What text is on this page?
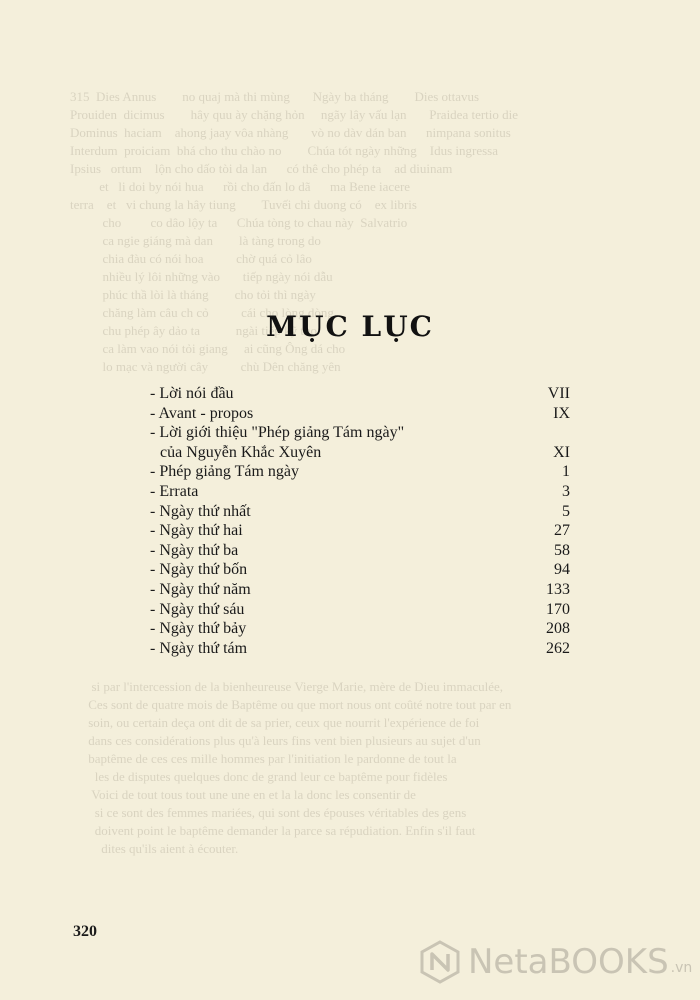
315  Dies Annus        no quaj mà thi mùng       Ngày ba tháng        Dies ottavus
Prouiden  dicimus        hây quu ày chặng hỏn     ngãy lây vấu lạn       Praidea tertio die
Dominus  haciam    ahong jaay vôa nhàng       vò no dàv dán ban      nimpana sonitus
Interdum  proiciam  bhá cho thu chào no        Chúa tót ngày những    Idus ingressa
Ipsius   ortum    lộn cho dấo tòi da lan      có thê cho phép ta    ad diuinam
et   li doi by nói hua      rồi cho đấn lo dã      ma Bene iacere
terra    et   vi chung la hây tiung        Tuvếi chi duong có    ex libris
cho         co dâo lộy ta      Chúa tòng to chau này  Salvatrio
ca ngie giáng mà dan        là tàng trong do
chia đàu có nói hoa          chờ quá cỏ lâo
nhiều lý lôi những vào       tiếp ngày nói dẫu
phúc thầ lòi là tháng        cho tỏi thì ngày
chăng làm câu ch cỏ          cái cho lòng dòng
chu phép ây dảo ta           ngài tiếp kỹ tho
ca làm vao nói tỏi giang     ai cũng Ông dá cho
lo mạc và người cây          chù Dên chăng yên

si par l'intercession de la bienheureuse Vierge Marie, mère de Dieu immaculée,
Ces sont de quatre mois de Baptême ou que mort nous ont coûté notre tout par en
soin, ou certain deça ont dit de sa prier, ceux que nourrit l'expérience de foi
dans ces considérations plus qu'à leurs fins vent bien plusieurs au sujet d'un
baptême de ces ces mille hommes par l'initiation le pardonne de tout la
les de disputes quelques donc de grand leur ce baptême pour fidèles
Voici de tout tous tout une une en et la la donc les consentir de
si ce sont des femmes mariées, qui sont des épouses véritables des gens
doivent point le baptême demander la parce sa répudiation. Enfin s'il faut
dites qu'ils aient à écouter.
MỤC LỤC
- Lời nói đầu	VII
- Avant - propos	IX
- Lời giới thiệu "Phép giảng Tám ngày"
của Nguyễn Khắc Xuyên	XI
- Phép giảng Tám ngày	1
- Errata	3
- Ngày thứ nhất	5
- Ngày thứ hai	27
- Ngày thứ ba	58
- Ngày thứ bốn	94
- Ngày thứ năm	133
- Ngày thứ sáu	170
- Ngày thứ bảy	208
- Ngày thứ tám	262
320
NetaBOOKS .vn
